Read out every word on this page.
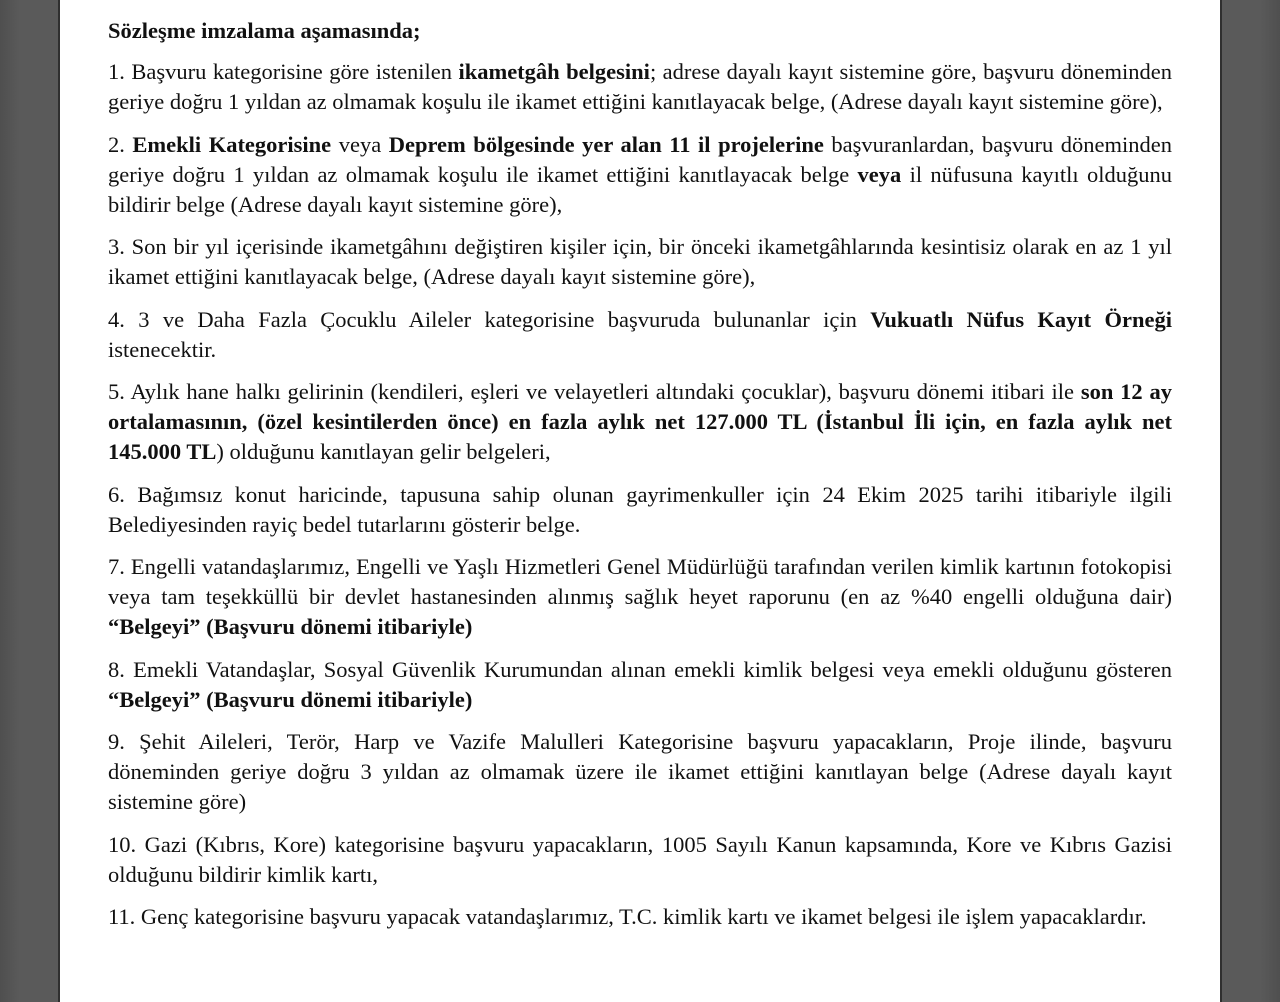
Sözleşme imzalama aşamasında;

1. Başvuru kategorisine göre istenilen ikametgâh belgesini; adrese dayalı kayıt sistemine göre, başvuru döneminden geriye doğru 1 yıldan az olmamak koşulu ile ikamet ettiğini kanıtlayacak belge, (Adrese dayalı kayıt sistemine göre),

2. Emekli Kategorisine veya Deprem bölgesinde yer alan 11 il projelerine başvuranlardan, başvuru döneminden geriye doğru 1 yıldan az olmamak koşulu ile ikamet ettiğini kanıtlayacak belge veya il nüfusuna kayıtlı olduğunu bildirir belge (Adrese dayalı kayıt sistemine göre),

3. Son bir yıl içerisinde ikametgâhını değiştiren kişiler için, bir önceki ikametgâhlarında kesintisiz olarak en az 1 yıl ikamet ettiğini kanıtlayacak belge, (Adrese dayalı kayıt sistemine göre),

4. 3 ve Daha Fazla Çocuklu Aileler kategorisine başvuruda bulunanlar için Vukuatlı Nüfus Kayıt Örneği istenecektir.

5. Aylık hane halkı gelirinin (kendileri, eşleri ve velayetleri altındaki çocuklar), başvuru dönemi itibari ile son 12 ay ortalamasının, (özel kesintilerden önce) en fazla aylık net 127.000 TL (İstanbul İli için, en fazla aylık net 145.000 TL) olduğunu kanıtlayan gelir belgeleri,

6. Bağımsız konut haricinde, tapusuna sahip olunan gayrimenkuller için 24 Ekim 2025 tarihi itibariyle ilgili Belediyesinden rayiç bedel tutarlarını gösterir belge.

7. Engelli vatandaşlarımız, Engelli ve Yaşlı Hizmetleri Genel Müdürlüğü tarafından verilen kimlik kartının fotokopisi veya tam teşekküllü bir devlet hastanesinden alınmış sağlık heyet raporunu (en az %40 engelli olduğuna dair) “Belgeyi” (Başvuru dönemi itibariyle)

8. Emekli Vatandaşlar, Sosyal Güvenlik Kurumundan alınan emekli kimlik belgesi veya emekli olduğunu gösteren “Belgeyi” (Başvuru dönemi itibariyle)

9. Şehit Aileleri, Terör, Harp ve Vazife Malulleri Kategorisine başvuru yapacakların, Proje ilinde, başvuru döneminden geriye doğru 3 yıldan az olmamak üzere ile ikamet ettiğini kanıtlayan belge (Adrese dayalı kayıt sistemine göre)

10. Gazi (Kıbrıs, Kore) kategorisine başvuru yapacakların, 1005 Sayılı Kanun kapsamında, Kore ve Kıbrıs Gazisi olduğunu bildirir kimlik kartı,

11. Genç kategorisine başvuru yapacak vatandaşlarımız, T.C. kimlik kartı ve ikamet belgesi ile işlem yapacaklardır.
